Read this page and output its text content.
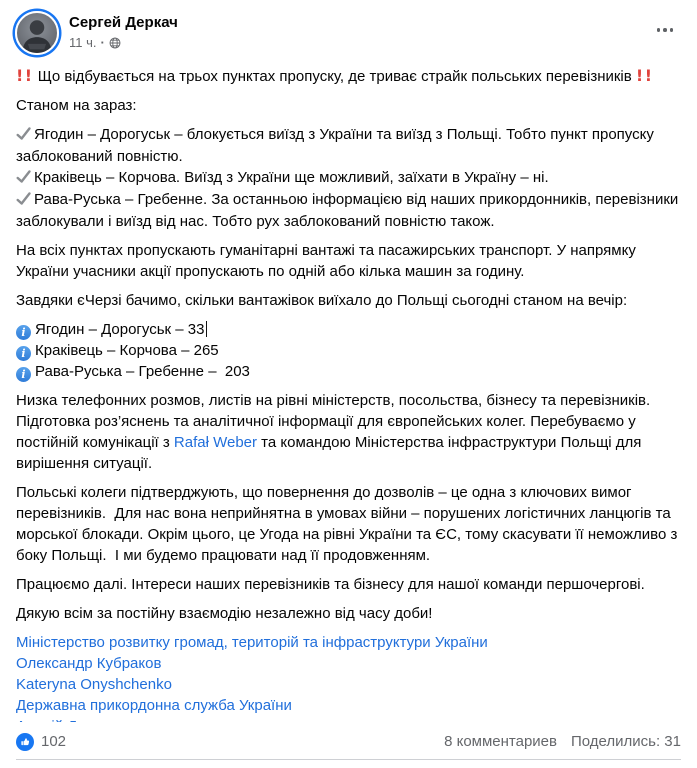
Сергей Деркач
11 ч. ·

!! Що відбувається на трьох пунктах пропуску, де триває страйк польських перевізників !!

Станом на зараз:

Ягодин – Дорогуськ – блокується виїзд з України та виїзд з Польщі. Тобто пункт пропуску заблокований повністю.
Краківець – Корчова. Виїзд з України ще можливий, заїхати в Україну – ні.
Рава-Руська – Гребенне. За останньою інформацією від наших прикордонників, перевізники заблокували і виїзд від нас. Тобто рух заблокований повністю також.

На всіх пунктах пропускають гуманітарні вантажі та пасажирських транспорт. У напрямку України учасники акції пропускають по одній або кілька машин за годину.

Завдяки єЧерзі бачимо, скільки вантажівок виїхало до Польщі сьогодні станом на вечір:

i Ягодин – Дорогуськ – 33
i Краківець – Корчова – 265
i Рава-Руська – Гребенне –  203

Низка телефонних розмов, листів на рівні міністерств, посольства, бізнесу та перевізників. Підготовка роз’яснень та аналітичної інформації для європейських колег. Перебуваємо у постійній комунікації з Rafał Weber та командою Міністерства інфраструктури Польщі для вирішення ситуації.

Польські колеги підтверджують, що повернення до дозволів – це одна з ключових вимог перевізників.  Для нас вона неприйнятна в умовах війни – порушених логістичних ланцюгів та морської блокади. Окрім цього, це Угода на рівні України та ЄС, тому скасувати її неможливо з боку Польщі.  І ми будемо працювати над її продовженням.

Працюємо далі. Інтереси наших перевізників та бізнесу для нашої команди першочергові.

Дякую всім за постійну взаємодію незалежно від часу доби!

Міністерство розвитку громад, територій та інфраструктури України
Олександр Кубраков
Kateryna Onyshchenko
Державна прикордонна служба України
102	8 комментариев Поделились: 31
